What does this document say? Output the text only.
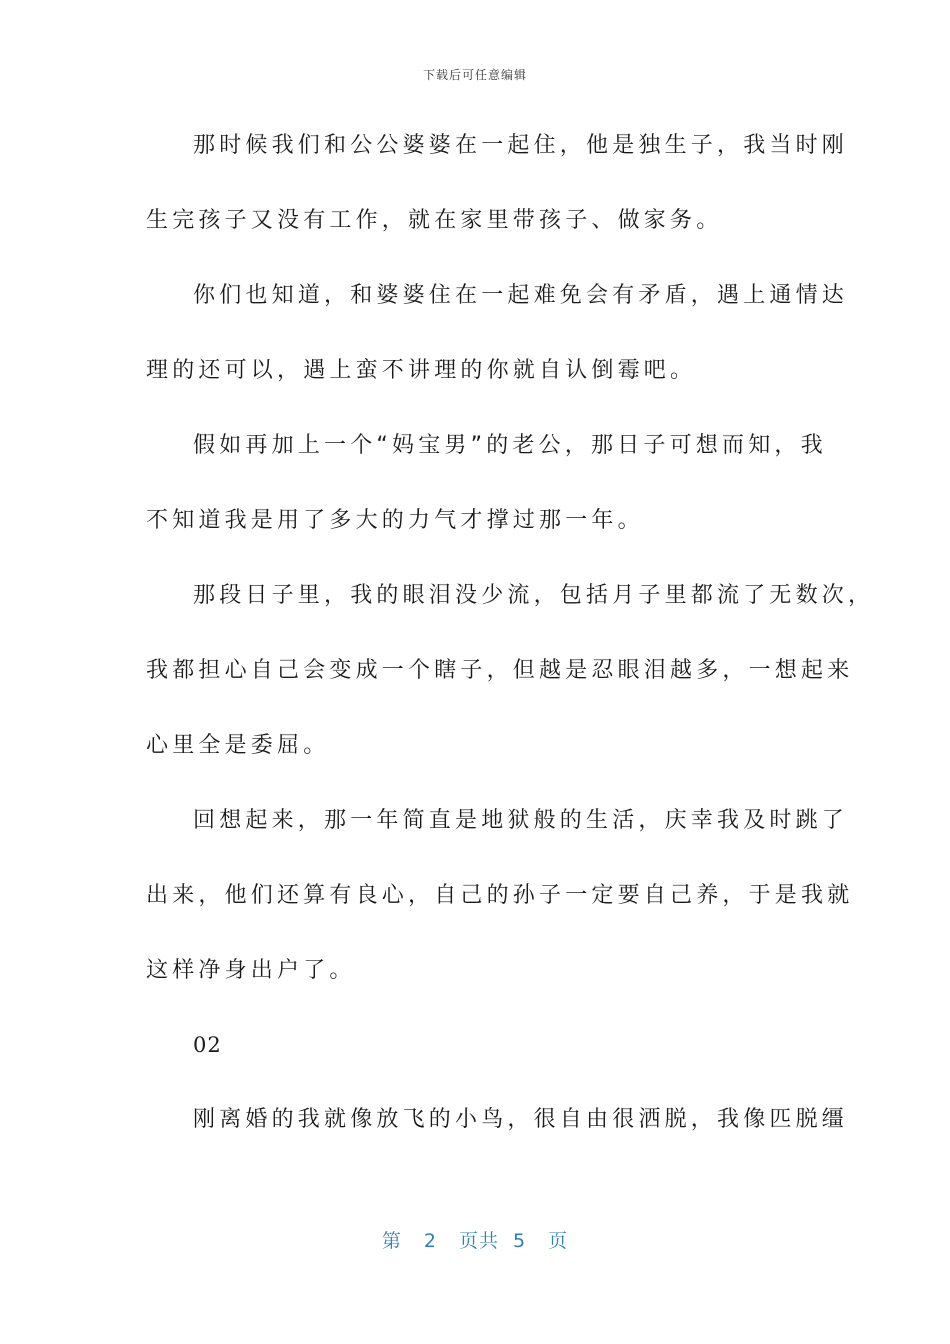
下载后可任意编辑
那时候我们和公公婆婆在一起住，他是独生子，我当时刚
生完孩子又没有工作，就在家里带孩子、做家务。
你们也知道，和婆婆住在一起难免会有矛盾，遇上通情达
理的还可以，遇上蛮不讲理的你就自认倒霉吧。
假如再加上一个“妈宝男”的老公，那日子可想而知，我
不知道我是用了多大的力气才撑过那一年。
那段日子里，我的眼泪没少流，包括月子里都流了无数次，
我都担心自己会变成一个瞎子，但越是忍眼泪越多，一想起来
心里全是委屈。
回想起来，那一年简直是地狱般的生活，庆幸我及时跳了
出来，他们还算有良心，自己的孙子一定要自己养，于是我就
这样净身出户了。
02
刚离婚的我就像放飞的小鸟，很自由很洒脱，我像匹脱缰
第 2 页共 5 页
